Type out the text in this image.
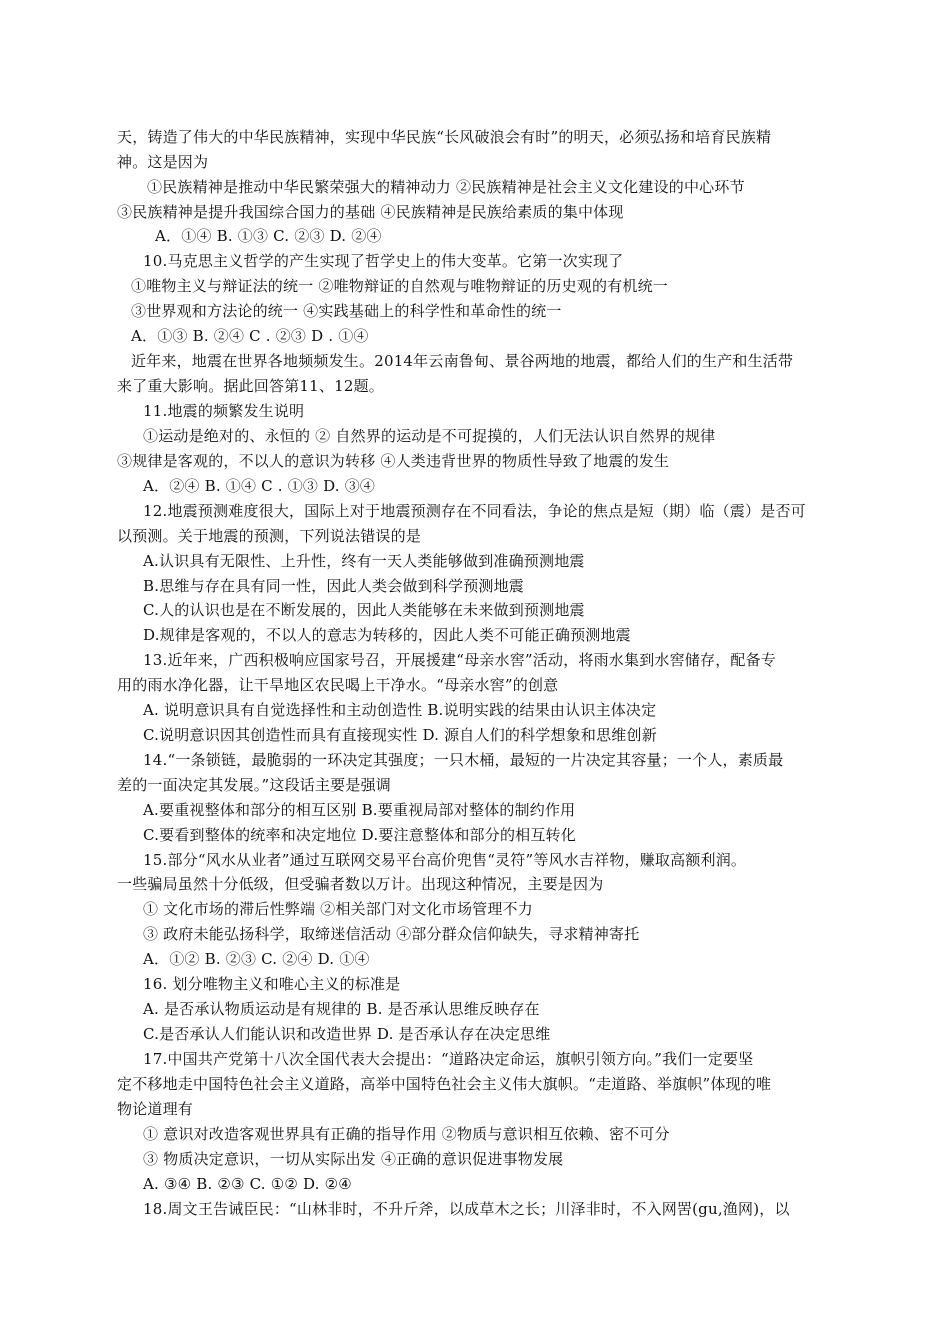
天，铸造了伟大的中华民族精神，实现中华民族“长风破浪会有时”的明天，必须弘扬和培育民族精
神。这是因为
①民族精神是推动中华民繁荣强大的精神动力 ②民族精神是社会主义文化建设的中心环节
③民族精神是提升我国综合国力的基础 ④民族精神是民族给素质的集中体现
A．①④ B. ①③ C. ②③ D. ②④
10.马克思主义哲学的产生实现了哲学史上的伟大变革。它第一次实现了
①唯物主义与辩证法的统一 ②唯物辩证的自然观与唯物辩证的历史观的有机统一
③世界观和方法论的统一 ④实践基础上的科学性和革命性的统一
A．①③ B. ②④ C . ②③ D . ①④
近年来，地震在世界各地频频发生。2014年云南鲁甸、景谷两地的地震，都给人们的生产和生活带
来了重大影响。据此回答第11、12题。
11.地震的频繁发生说明
①运动是绝对的、永恒的 ② 自然界的运动是不可捉摸的，人们无法认识自然界的规律
③规律是客观的，不以人的意识为转移 ④人类违背世界的物质性导致了地震的发生
A．②④ B. ①④ C . ①③ D. ③④
12.地震预测难度很大，国际上对于地震预测存在不同看法，争论的焦点是短（期）临（震）是否可
以预测。关于地震的预测，下列说法错误的是
A.认识具有无限性、上升性，终有一天人类能够做到准确预测地震
B.思维与存在具有同一性，因此人类会做到科学预测地震
C.人的认识也是在不断发展的，因此人类能够在未来做到预测地震
D.规律是客观的，不以人的意志为转移的，因此人类不可能正确预测地震
13.近年来，广西积极响应国家号召，开展援建“母亲水窖”活动，将雨水集到水窖储存，配备专
用的雨水净化器，让干旱地区农民喝上干净水。“母亲水窖”的创意
A. 说明意识具有自觉选择性和主动创造性 B.说明实践的结果由认识主体决定
C.说明意识因其创造性而具有直接现实性 D. 源自人们的科学想象和思维创新
14.“一条锁链，最脆弱的一环决定其强度；一只木桶，最短的一片决定其容量；一个人，素质最
差的一面决定其发展。”这段话主要是强调
A.要重视整体和部分的相互区别 B.要重视局部对整体的制约作用
C.要看到整体的统率和决定地位 D.要注意整体和部分的相互转化
15.部分“风水从业者”通过互联网交易平台高价兜售“灵符”等风水吉祥物，赚取高额利润。
一些骗局虽然十分低级，但受骗者数以万计。出现这种情况，主要是因为
① 文化市场的滞后性弊端 ②相关部门对文化市场管理不力
③ 政府未能弘扬科学，取缔迷信活动 ④部分群众信仰缺失，寻求精神寄托
A．①② B. ②③ C. ②④ D. ①④
16. 划分唯物主义和唯心主义的标准是
A. 是否承认物质运动是有规律的 B. 是否承认思维反映存在
C.是否承认人们能认识和改造世界 D. 是否承认存在决定思维
17.中国共产党第十八次全国代表大会提出：“道路决定命运，旗帜引领方向。”我们一定要坚
定不移地走中国特色社会主义道路，高举中国特色社会主义伟大旗帜。“走道路、举旗帜”体现的唯
物论道理有
① 意识对改造客观世界具有正确的指导作用 ②物质与意识相互依赖、密不可分
③ 物质决定意识，一切从实际出发 ④正确的意识促进事物发展
A. ③④ B. ②③ C. ①② D. ②④
18.周文王告诫臣民：“山林非时，不升斤斧，以成草木之长；川泽非时，不入网罟(gu,渔网)，以
